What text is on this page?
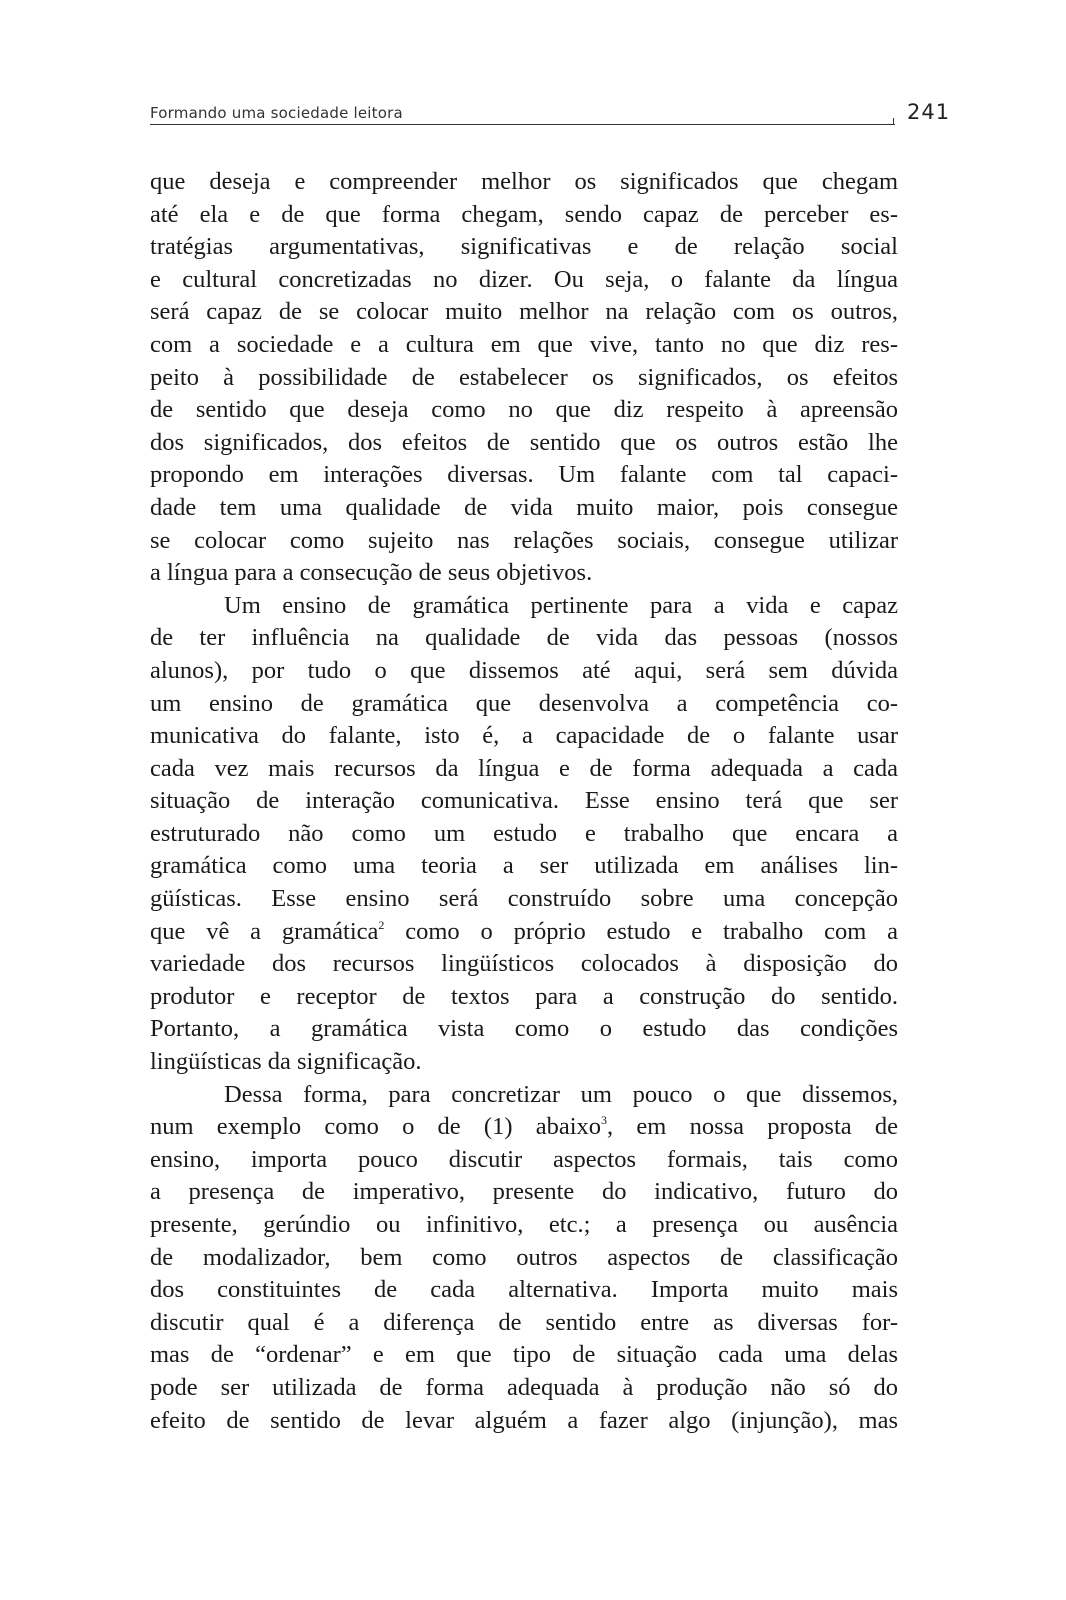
Formando uma sociedade leitora	241
que deseja e compreender melhor os significados que chegam
até ela e de que forma chegam, sendo capaz de perceber es-
tratégias argumentativas, significativas e de relação social
e cultural concretizadas no dizer. Ou seja, o falante da língua
será capaz de se colocar muito melhor na relação com os outros,
com a sociedade e a cultura em que vive, tanto no que diz res-
peito à possibilidade de estabelecer os significados, os efeitos
de sentido que deseja como no que diz respeito à apreensão
dos significados, dos efeitos de sentido que os outros estão lhe
propondo em interações diversas. Um falante com tal capaci-
dade tem uma qualidade de vida muito maior, pois consegue
se colocar como sujeito nas relações sociais, consegue utilizar
a língua para a consecução de seus objetivos.
Um ensino de gramática pertinente para a vida e capaz
de ter influência na qualidade de vida das pessoas (nossos
alunos), por tudo o que dissemos até aqui, será sem dúvida
um ensino de gramática que desenvolva a competência co-
municativa do falante, isto é, a capacidade de o falante usar
cada vez mais recursos da língua e de forma adequada a cada
situação de interação comunicativa. Esse ensino terá que ser
estruturado não como um estudo e trabalho que encara a
gramática como uma teoria a ser utilizada em análises lin-
güísticas. Esse ensino será construído sobre uma concepção
que vê a gramática$^2$ como o próprio estudo e trabalho com a
variedade dos recursos lingüísticos colocados à disposição do
produtor e receptor de textos para a construção do sentido.
Portanto, a gramática vista como o estudo das condições
lingüísticas da significação.
Dessa forma, para concretizar um pouco o que dissemos,
num exemplo como o de (1) abaixo$^3$, em nossa proposta de
ensino, importa pouco discutir aspectos formais, tais como
a presença de imperativo, presente do indicativo, futuro do
presente, gerúndio ou infinitivo, etc.; a presença ou ausência
de modalizador, bem como outros aspectos de classificação
dos constituintes de cada alternativa. Importa muito mais
discutir qual é a diferença de sentido entre as diversas for-
mas de “ordenar” e em que tipo de situação cada uma delas
pode ser utilizada de forma adequada à produção não só do
efeito de sentido de levar alguém a fazer algo (injunção), mas
